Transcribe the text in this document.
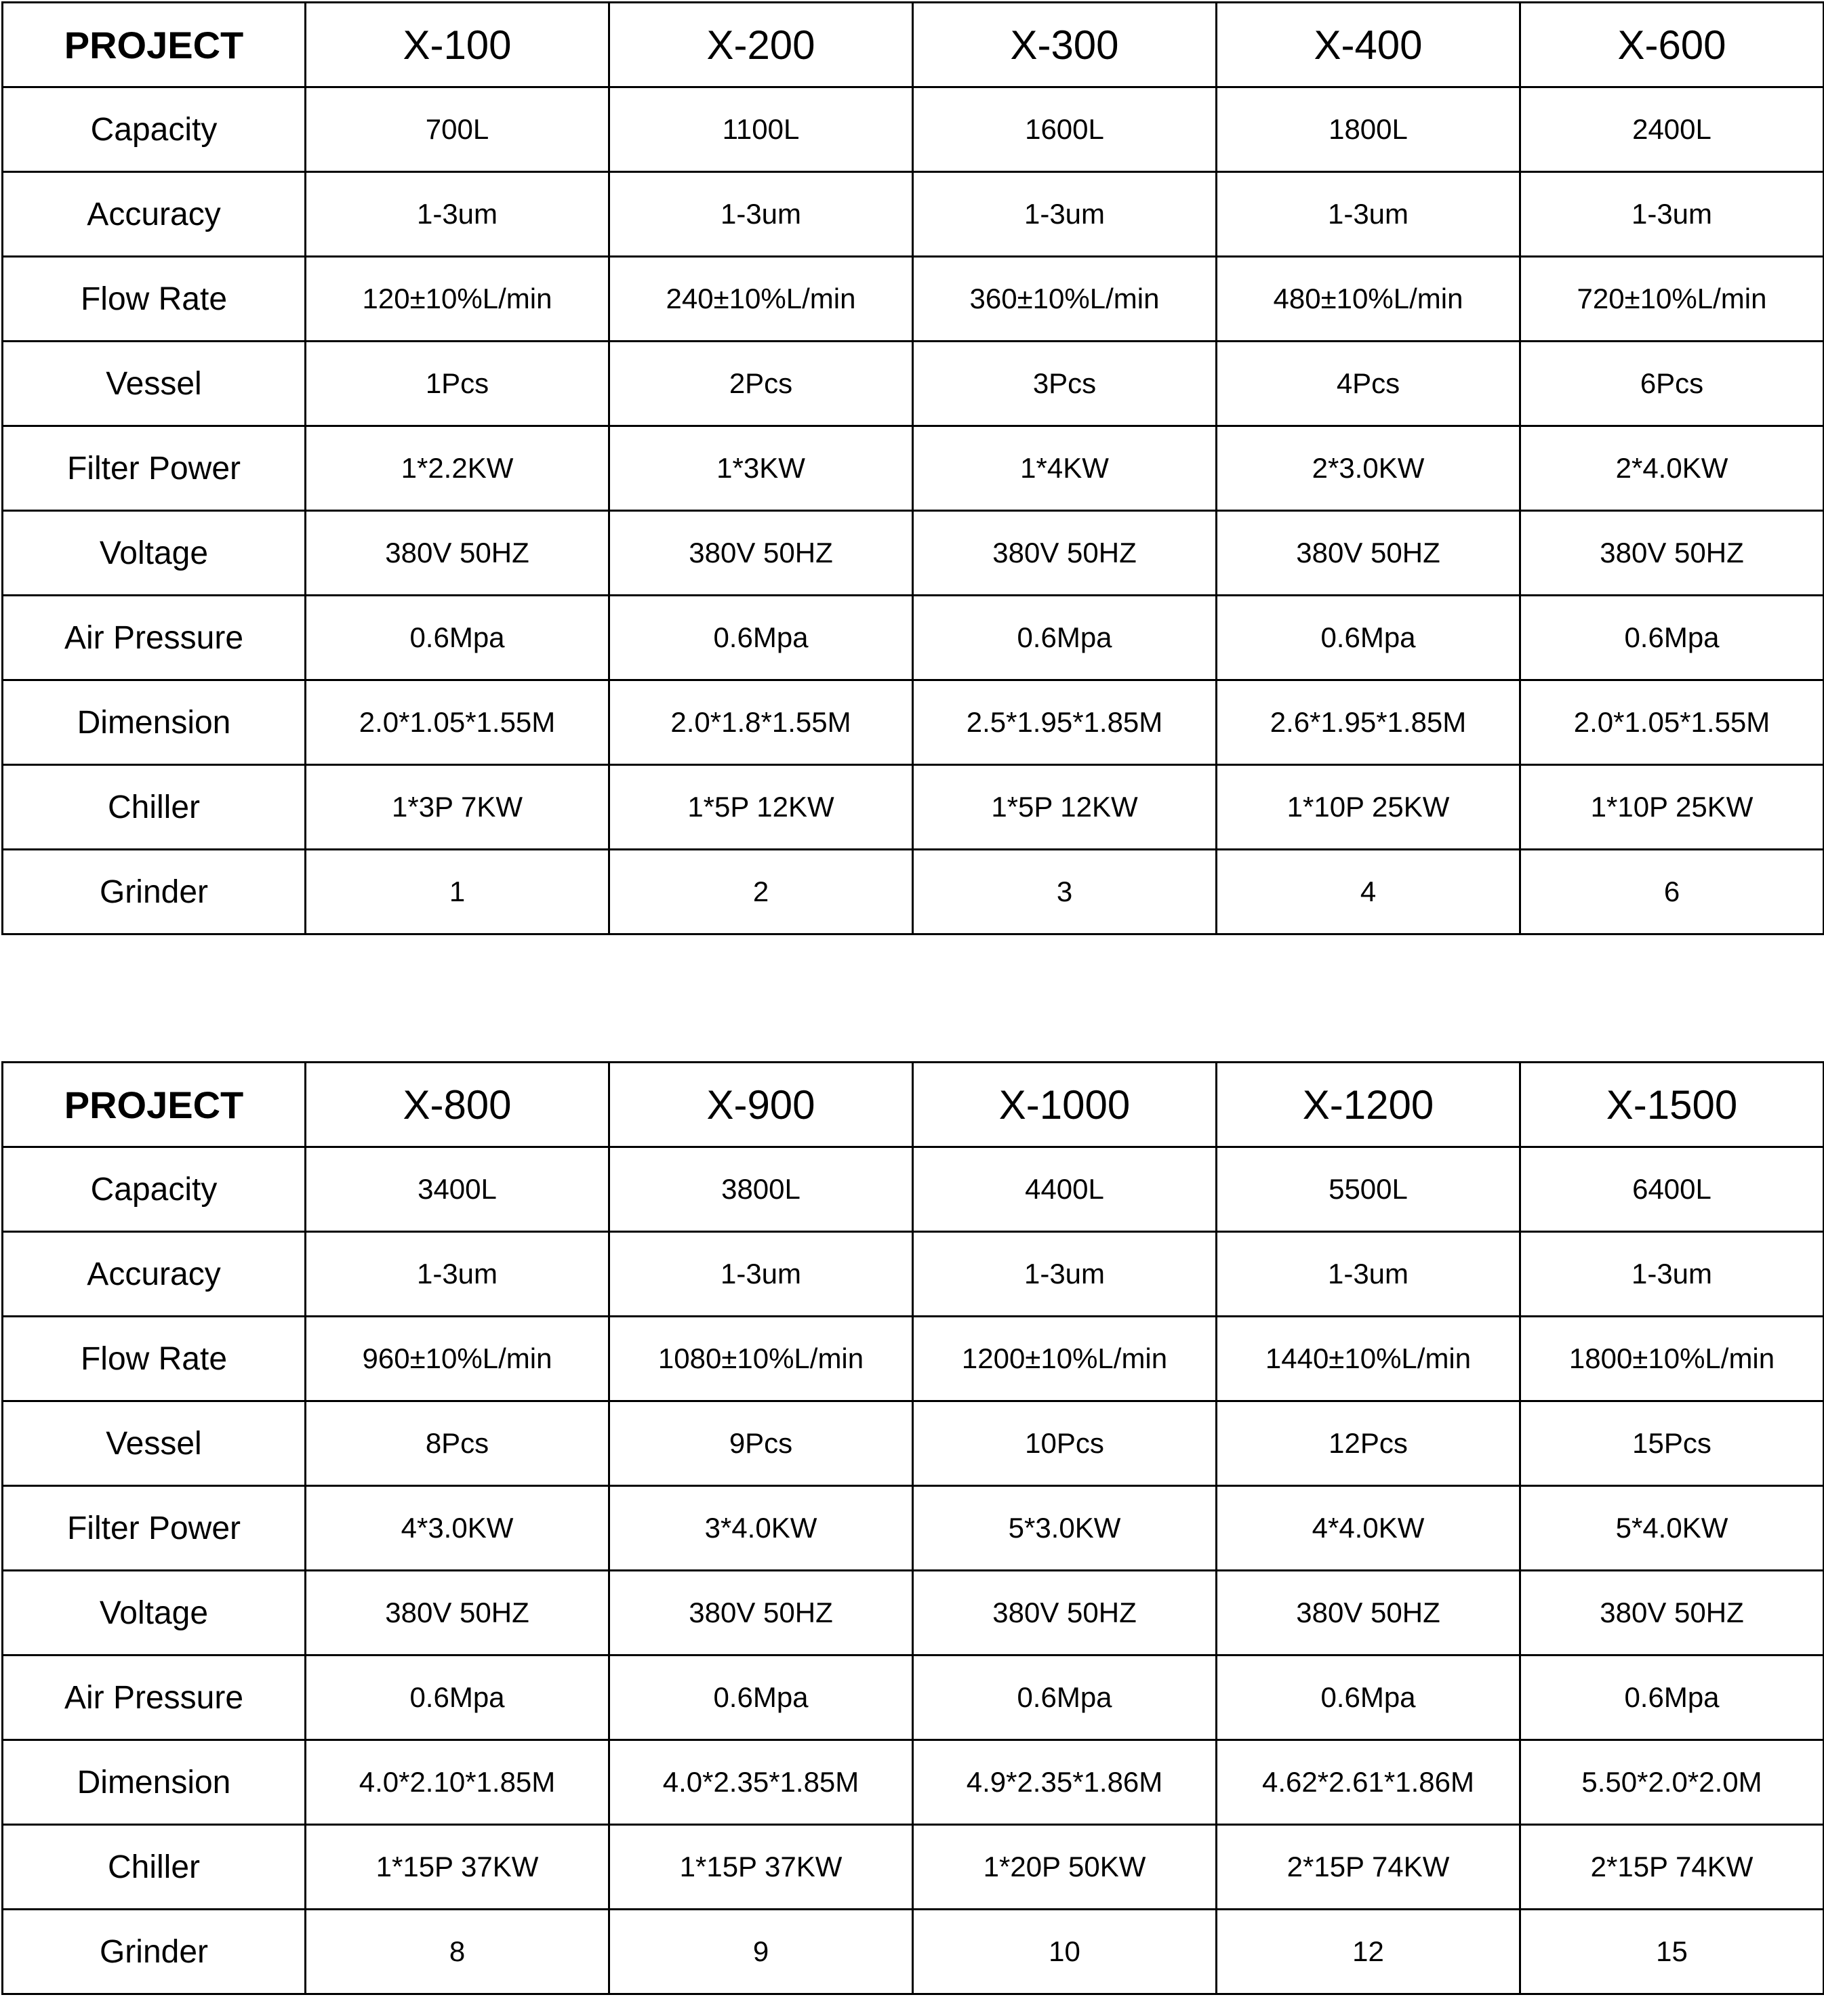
PROJECT	X-100	X-200	X-300	X-400	X-600
Capacity	700L	1100L	1600L	1800L	2400L
Accuracy	1-3um	1-3um	1-3um	1-3um	1-3um
Flow Rate	120±10%L/min	240±10%L/min	360±10%L/min	480±10%L/min	720±10%L/min
Vessel	1Pcs	2Pcs	3Pcs	4Pcs	6Pcs
Filter Power	1*2.2KW	1*3KW	1*4KW	2*3.0KW	2*4.0KW
Voltage	380V 50HZ	380V 50HZ	380V 50HZ	380V 50HZ	380V 50HZ
Air Pressure	0.6Mpa	0.6Mpa	0.6Mpa	0.6Mpa	0.6Mpa
Dimension	2.0*1.05*1.55M	2.0*1.8*1.55M	2.5*1.95*1.85M	2.6*1.95*1.85M	2.0*1.05*1.55M
Chiller	1*3P 7KW	1*5P 12KW	1*5P 12KW	1*10P 25KW	1*10P 25KW
Grinder	1	2	3	4	6
PROJECT	X-800	X-900	X-1000	X-1200	X-1500
Capacity	3400L	3800L	4400L	5500L	6400L
Accuracy	1-3um	1-3um	1-3um	1-3um	1-3um
Flow Rate	960±10%L/min	1080±10%L/min	1200±10%L/min	1440±10%L/min	1800±10%L/min
Vessel	8Pcs	9Pcs	10Pcs	12Pcs	15Pcs
Filter Power	4*3.0KW	3*4.0KW	5*3.0KW	4*4.0KW	5*4.0KW
Voltage	380V 50HZ	380V 50HZ	380V 50HZ	380V 50HZ	380V 50HZ
Air Pressure	0.6Mpa	0.6Mpa	0.6Mpa	0.6Mpa	0.6Mpa
Dimension	4.0*2.10*1.85M	4.0*2.35*1.85M	4.9*2.35*1.86M	4.62*2.61*1.86M	5.50*2.0*2.0M
Chiller	1*15P 37KW	1*15P 37KW	1*20P 50KW	2*15P 74KW	2*15P 74KW
Grinder	8	9	10	12	15
